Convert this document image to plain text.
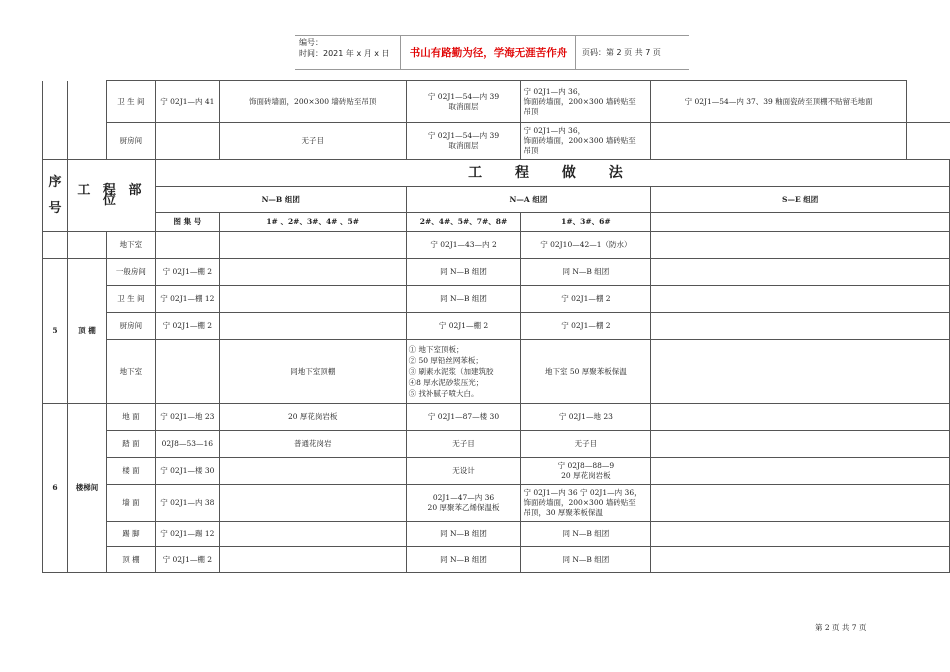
编号：
时间：2021 年 x 月 x 日	书山有路勤为径，学海无涯苦作舟	页码：第 2 页 共 7 页
		卫 生 间	宁 02J1—内 41	饰面砖墙面，200×300 墙砖贴至吊顶	宁 02J1—54—内 39
取消面层	宁 02J1—内 36，
饰面砖墙面，200×300 墙砖贴至
吊顶	宁 02J1—54—内 37、39 釉面瓷砖至顶棚不贴留毛地面	
		厨房间		无子目	宁 02J1—54—内 39
取消面层	宁 02J1—内 36，
饰面砖墙面，200×300 墙砖贴至
吊顶		
序
号	工 程 部 位		工 程 做 法					
			N—B 组团		N—A 组团		S—E 组团	
			图 集 号	1# 、2#、3#、4# 、5#	2#、4#、5#、7#、8#	1#、3#、6#		
		地下室			宁 02J1—43—内 2	宁 02J10—42—1（防水）		
5	顶 棚	一般房间	宁 02J1—棚 2		同 N—B 组团	同 N—B 组团		
		卫 生 间	宁 02J1—棚 12		同 N—B 组团	宁 02J1—棚 2		
		厨房间	宁 02J1—棚 2		宁 02J1—棚 2	宁 02J1—棚 2		
		地下室		同地下室顶棚	① 地下室顶板；
② 50 厚铅丝网苯板；
③ 刷素水泥浆（加建筑胶
④8 厚水泥砂浆压光；
⑤ 找补腻子喷大白。	地下室 50 厚聚苯板保温		
6	楼梯间	地 面	宁 02J1—地 23	20 厚花岗岩板	宁 02J1—87—楼 30	宁 02J1—地 23		
		踏 面	02J8—53—16	普通花岗岩	无子目	无子目		
		楼 面	宁 02J1—楼 30		无设计	宁 02J8—88—9
20 厚花岗岩板		
		墙 面	宁 02J1—内 38		02J1—47—内 36
20 厚聚苯乙烯保温板	宁 02J1—内 36 宁 02J1—内 36，
饰面砖墙面，200×300 墙砖贴至
吊顶，30 厚聚苯板保温		
		踢 脚	宁 02J1—踢 12		同 N—B 组团	同 N—B 组团		
		顶 棚	宁 02J1—棚 2		同 N—B 组团	同 N—B 组团		
第 2 页 共 7 页
